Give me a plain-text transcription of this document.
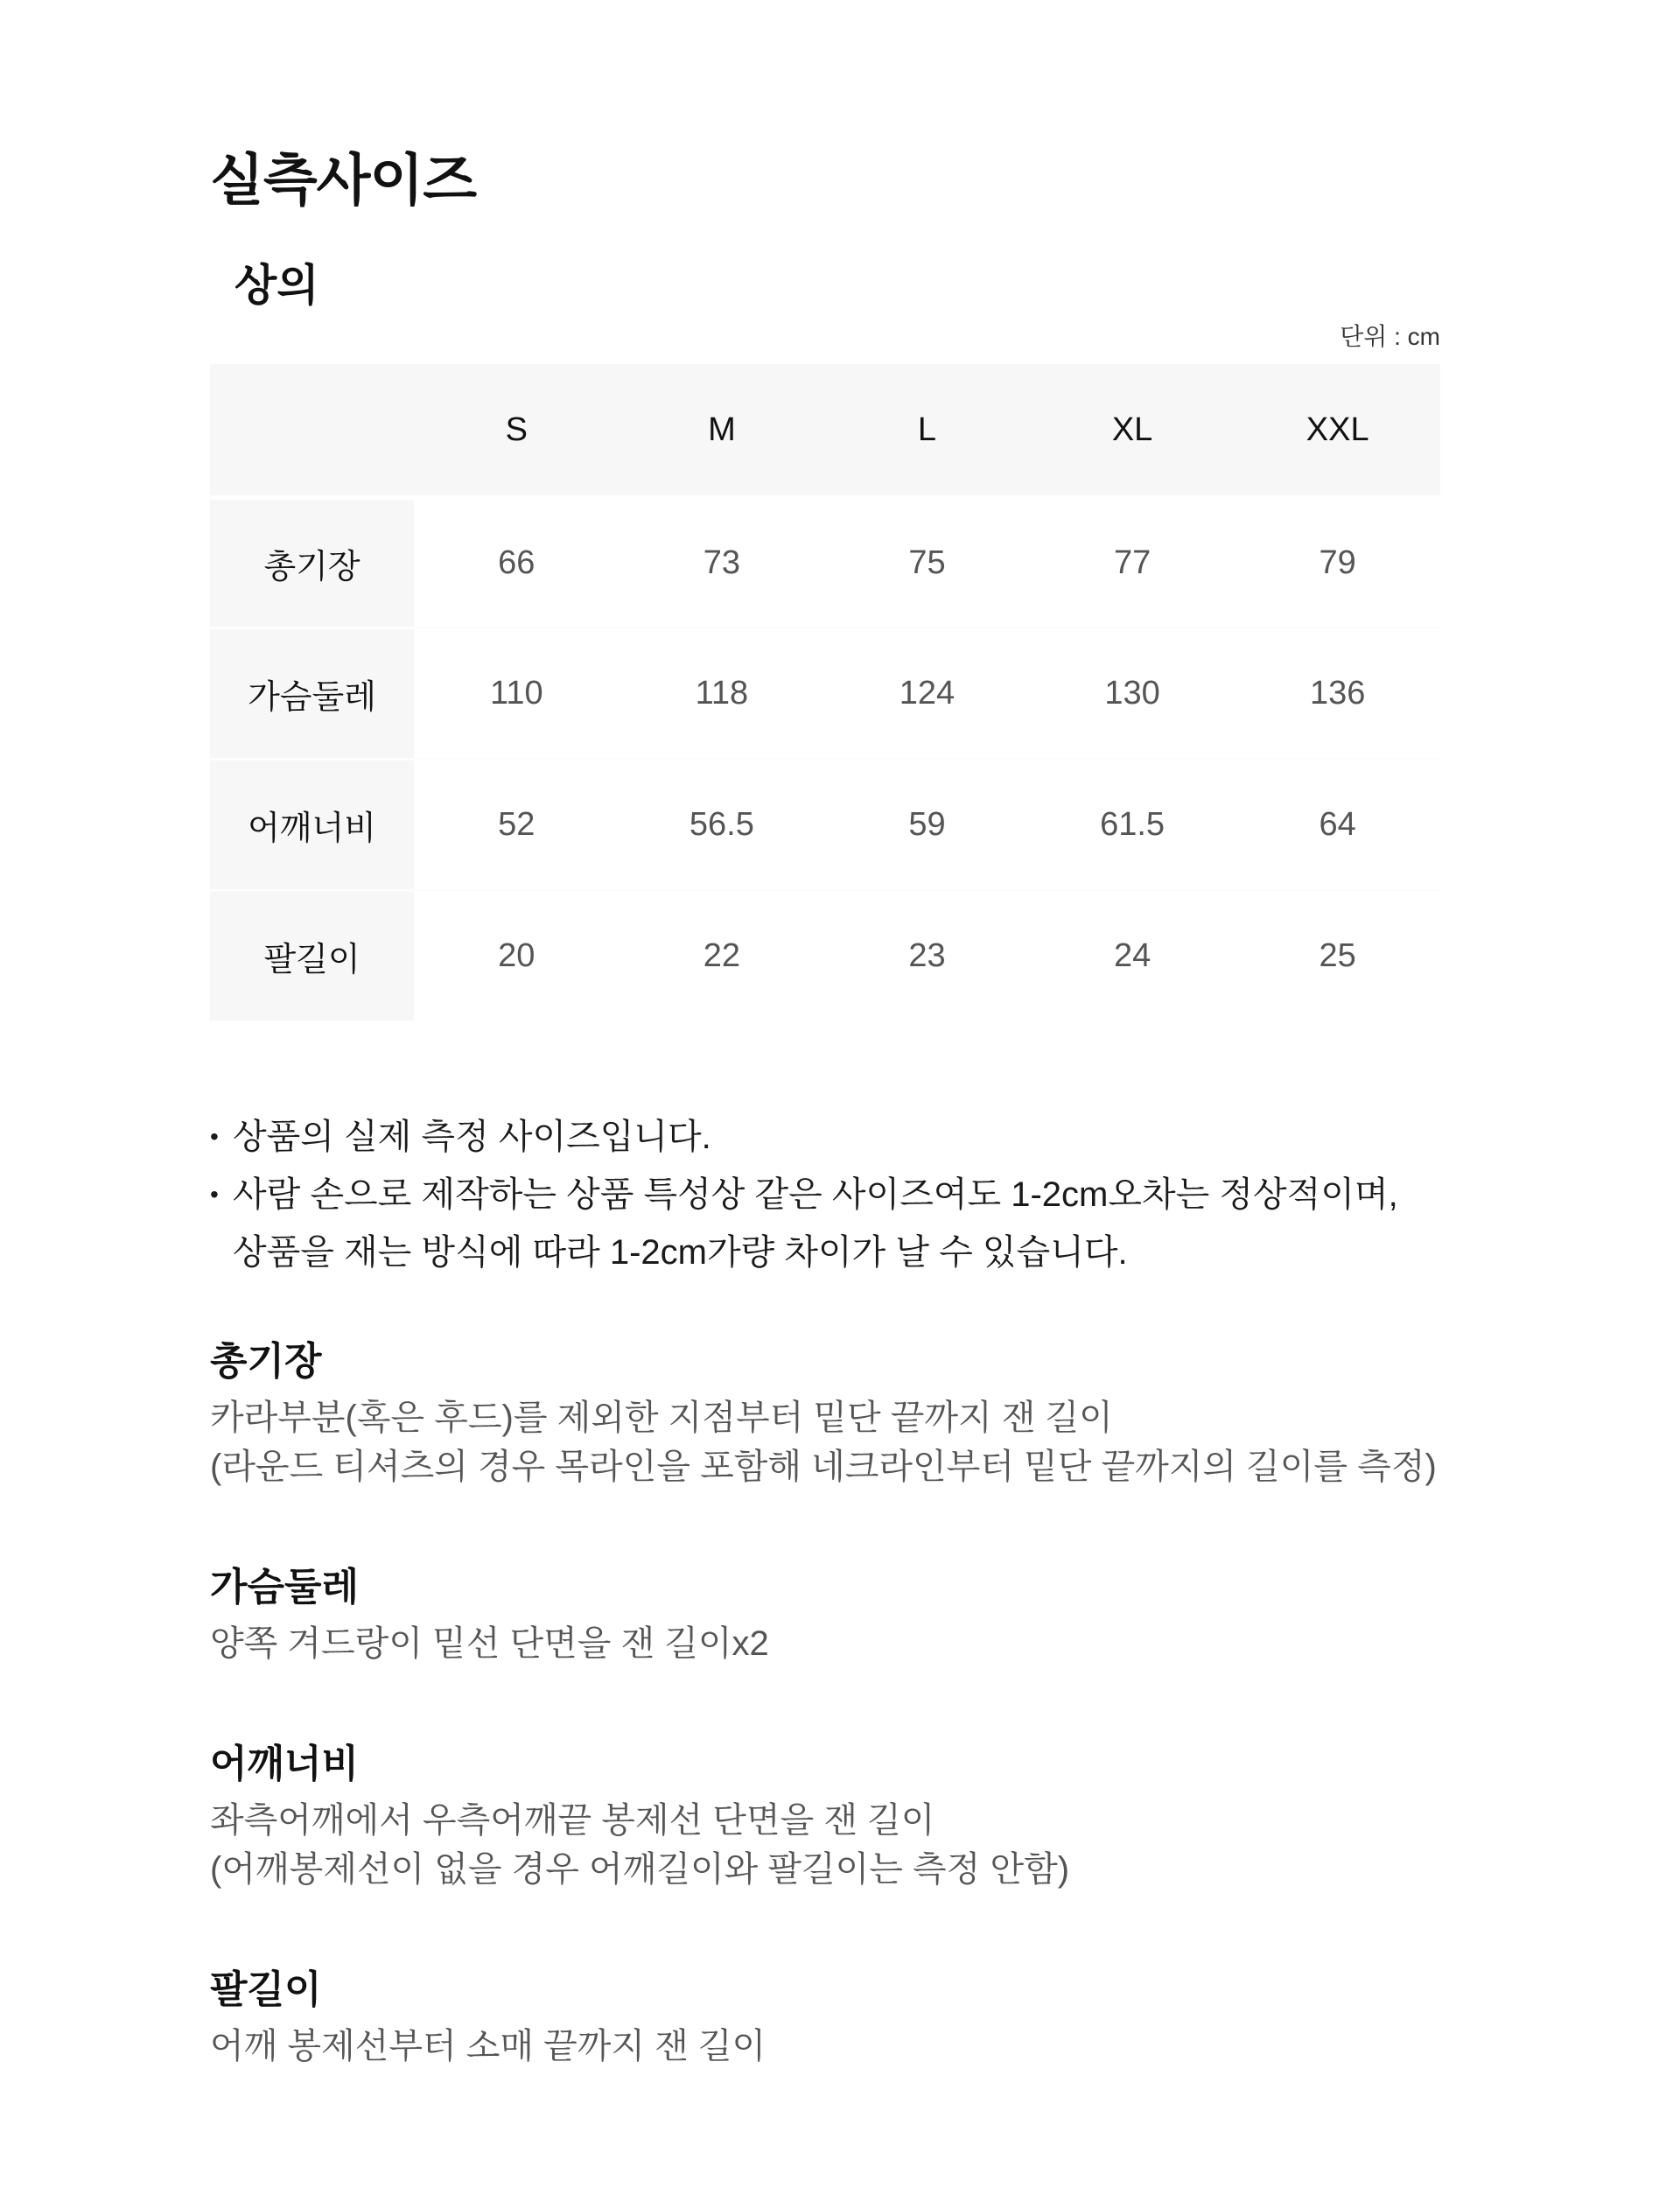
실측사이즈
상의
단위 : cm
	S	M	L	XL	XXL
총기장	66	73	75	77	79
가슴둘레	110	118	124	130	136
어깨너비	52	56.5	59	61.5	64
팔길이	20	22	23	24	25
• 상품의 실제 측정 사이즈입니다.
• 사람 손으로 제작하는 상품 특성상 같은 사이즈여도 1-2cm오차는 정상적이며,
상품을 재는 방식에 따라 1-2cm가량 차이가 날 수 있습니다.
총기장
카라부분(혹은 후드)를 제외한 지점부터 밑단 끝까지 잰 길이
(라운드 티셔츠의 경우 목라인을 포함해 네크라인부터 밑단 끝까지의 길이를 측정)
가슴둘레
양쪽 겨드랑이 밑선 단면을 잰 길이x2
어깨너비
좌측어깨에서 우측어깨끝 봉제선 단면을 잰 길이
(어깨봉제선이 없을 경우 어깨길이와 팔길이는 측정 안함)
팔길이
어깨 봉제선부터 소매 끝까지 잰 길이
